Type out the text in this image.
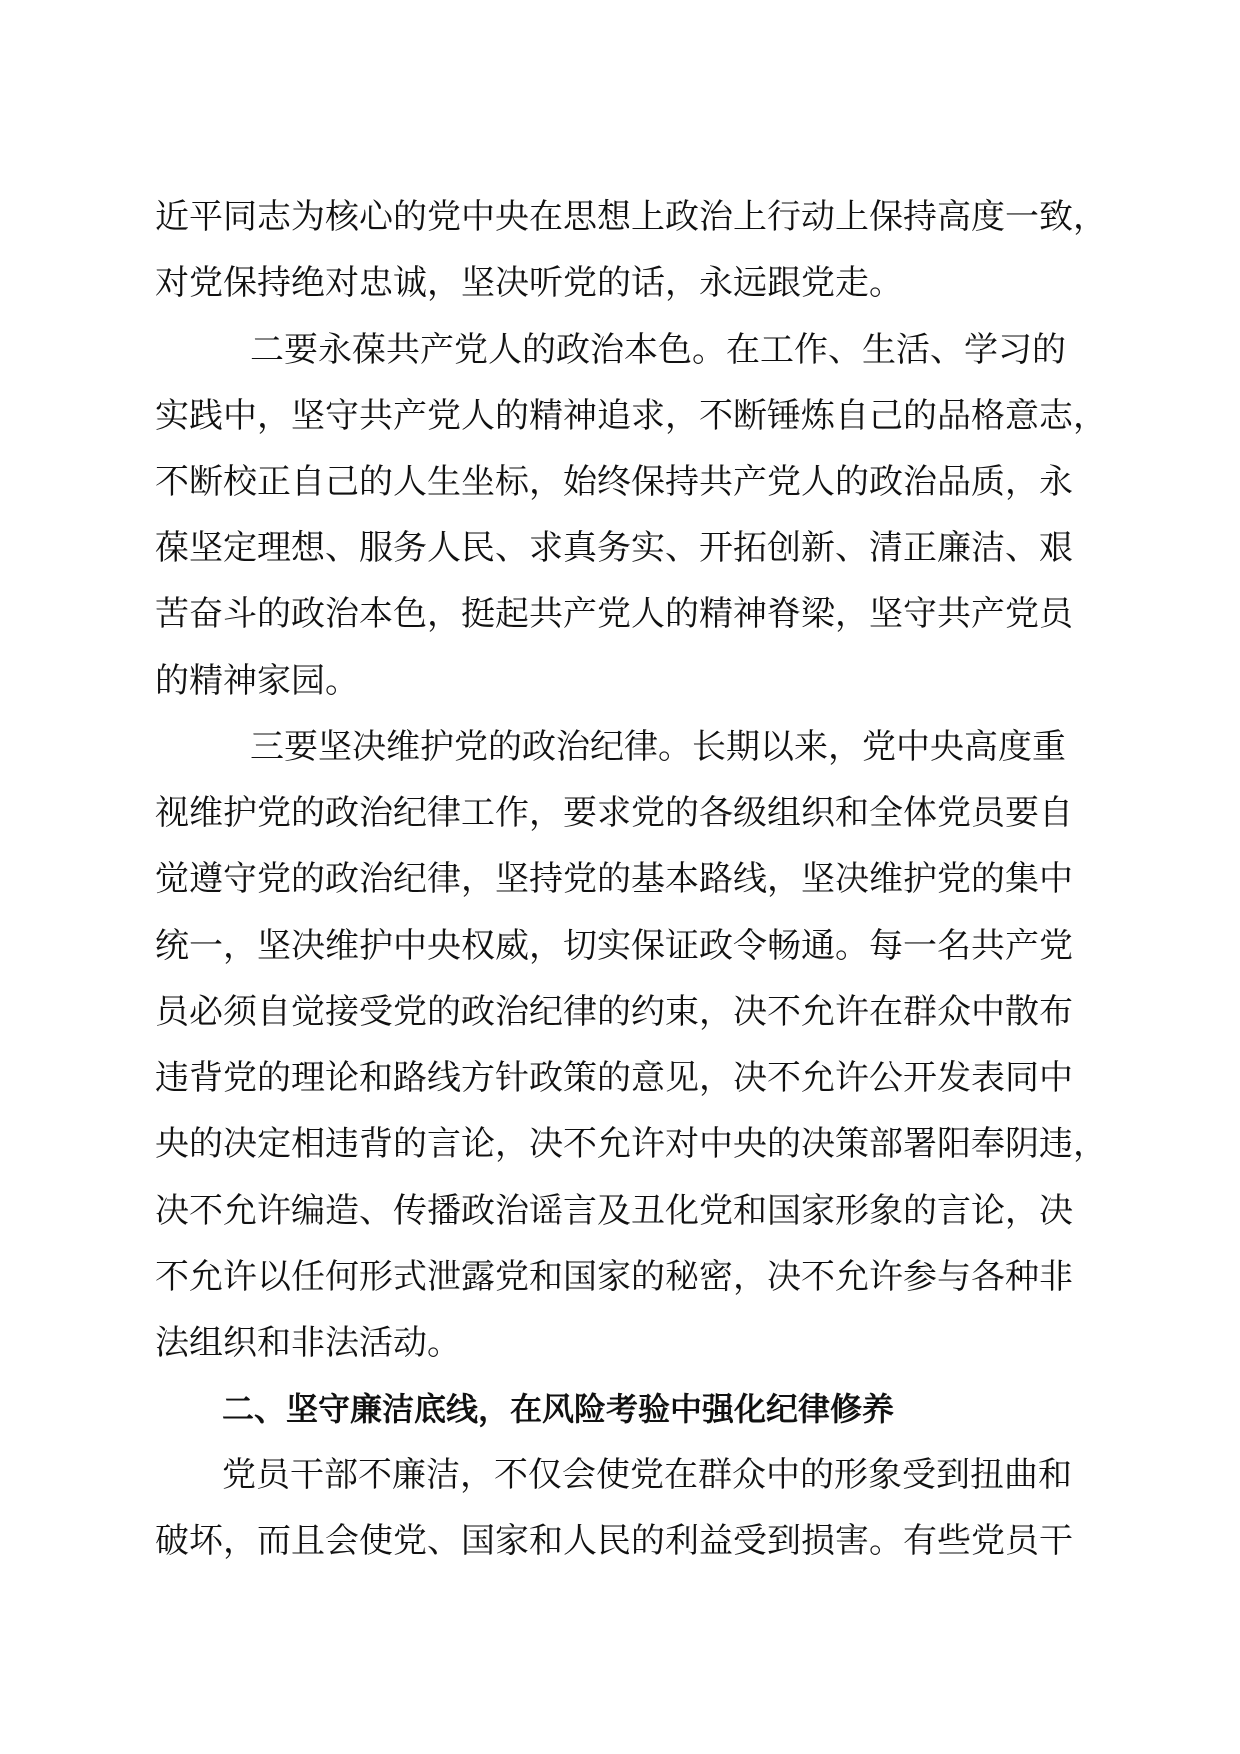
近平同志为核心的党中央在思想上政治上行动上保持高度一致，
对党保持绝对忠诚，坚决听党的话，永远跟党走。
二要永葆共产党人的政治本色。在工作、生活、学习的
实践中，坚守共产党人的精神追求，不断锤炼自己的品格意志，
不断校正自己的人生坐标，始终保持共产党人的政治品质，永
葆坚定理想、服务人民、求真务实、开拓创新、清正廉洁、艰
苦奋斗的政治本色，挺起共产党人的精神脊梁，坚守共产党员
的精神家园。
三要坚决维护党的政治纪律。长期以来，党中央高度重
视维护党的政治纪律工作，要求党的各级组织和全体党员要自
觉遵守党的政治纪律，坚持党的基本路线，坚决维护党的集中
统一，坚决维护中央权威，切实保证政令畅通。每一名共产党
员必须自觉接受党的政治纪律的约束，决不允许在群众中散布
违背党的理论和路线方针政策的意见，决不允许公开发表同中
央的决定相违背的言论，决不允许对中央的决策部署阳奉阴违，
决不允许编造、传播政治谣言及丑化党和国家形象的言论，决
不允许以任何形式泄露党和国家的秘密，决不允许参与各种非
法组织和非法活动。
二、坚守廉洁底线，在风险考验中强化纪律修养
党员干部不廉洁，不仅会使党在群众中的形象受到扭曲和
破坏，而且会使党、国家和人民的利益受到损害。有些党员干
